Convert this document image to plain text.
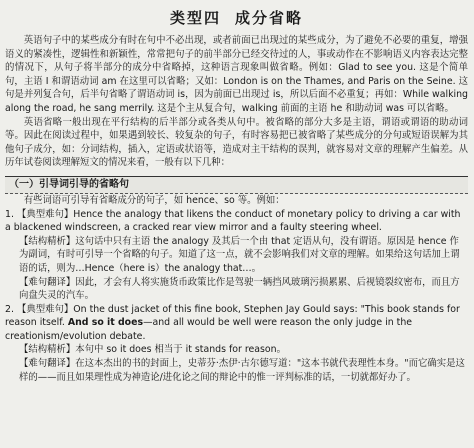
类型四 成分省略

英语句子中的某些成分有时在句中不必出现，或者前面已出现过的某些成分，为了避免不必要的重复，增强语义的紧凑性，逻辑性和新颖性，常常把句子的前半部分已经交待过的人，事或动作在不影响语义内容表达完整的情况下，从句子将半部分的成分中省略掉，这种语言现象叫做省略。例如：Glad to see you. 这是个简单句，主语 I 和谓语动词 am 在这里可以省略；又如：London is on the Thames, and Paris on the Seine. 这句是并列复合句，后半句省略了谓语动词 is，因为前面已出现过 is，所以后面不必重复；再如：While walking along the road, he sang merrily. 这是个主从复合句，walking 前面的主语 he 和助动词 was 可以省略。

英语省略一般出现在平行结构的后半部分或各类从句中。被省略的部分大多是主语，谓语或谓语的助动词等。因此在阅读过程中，如果遇到较长、较复杂的句子，有时容易把已被省略了某些成分的分句或短语误解为其他句子成分，如：分词结构，插入，定语或状语等，造成对主干结构的误判，就容易对文章的理解产生偏差。从历年试卷阅读理解短文的情况来看，一般有以下几种：

（一）引导词引导的省略句

有些词语可引导有省略成分的句子，如 hence、so 等。例如：

1. 【典型难句】Hence the analogy that likens the conduct of monetary policy to driving a car with a blackened windscreen, a cracked rear view mirror and a faulty steering wheel.
【结构精析】这句话中只有主语 the analogy 及其后一个由 that 定语从句，没有谓语。原因是 hence 作为副词，有时可引导一个省略的句子。知道了这一点，就不会影响我们对文章的理解。如果给这句话加上谓语的话，则为…Hence（here is）the analogy that…。
【难句翻译】因此，才会有人将实施货币政策比作是驾驶一辆挡风玻璃污损累累、后视镜裂纹密布，而且方向盘失灵的汽车。
2. 【典型难句】On the dust jacket of this fine book, Stephen Jay Gould says: "This book stands for reason itself. And so it does—and all would be well were reason the only judge in the creationism/evolution debate.
【结构精析】本句中 so it does 相当于 it stands for reason。
【难句翻译】在这本杰出的书的封面上，史蒂芬·杰伊·古尔德写道："这本书就代表理性本身。"而它确实是这样的——而且如果理性成为神造论/进化论之间的辩论中的惟一评判标准的话，一切就都好办了。
